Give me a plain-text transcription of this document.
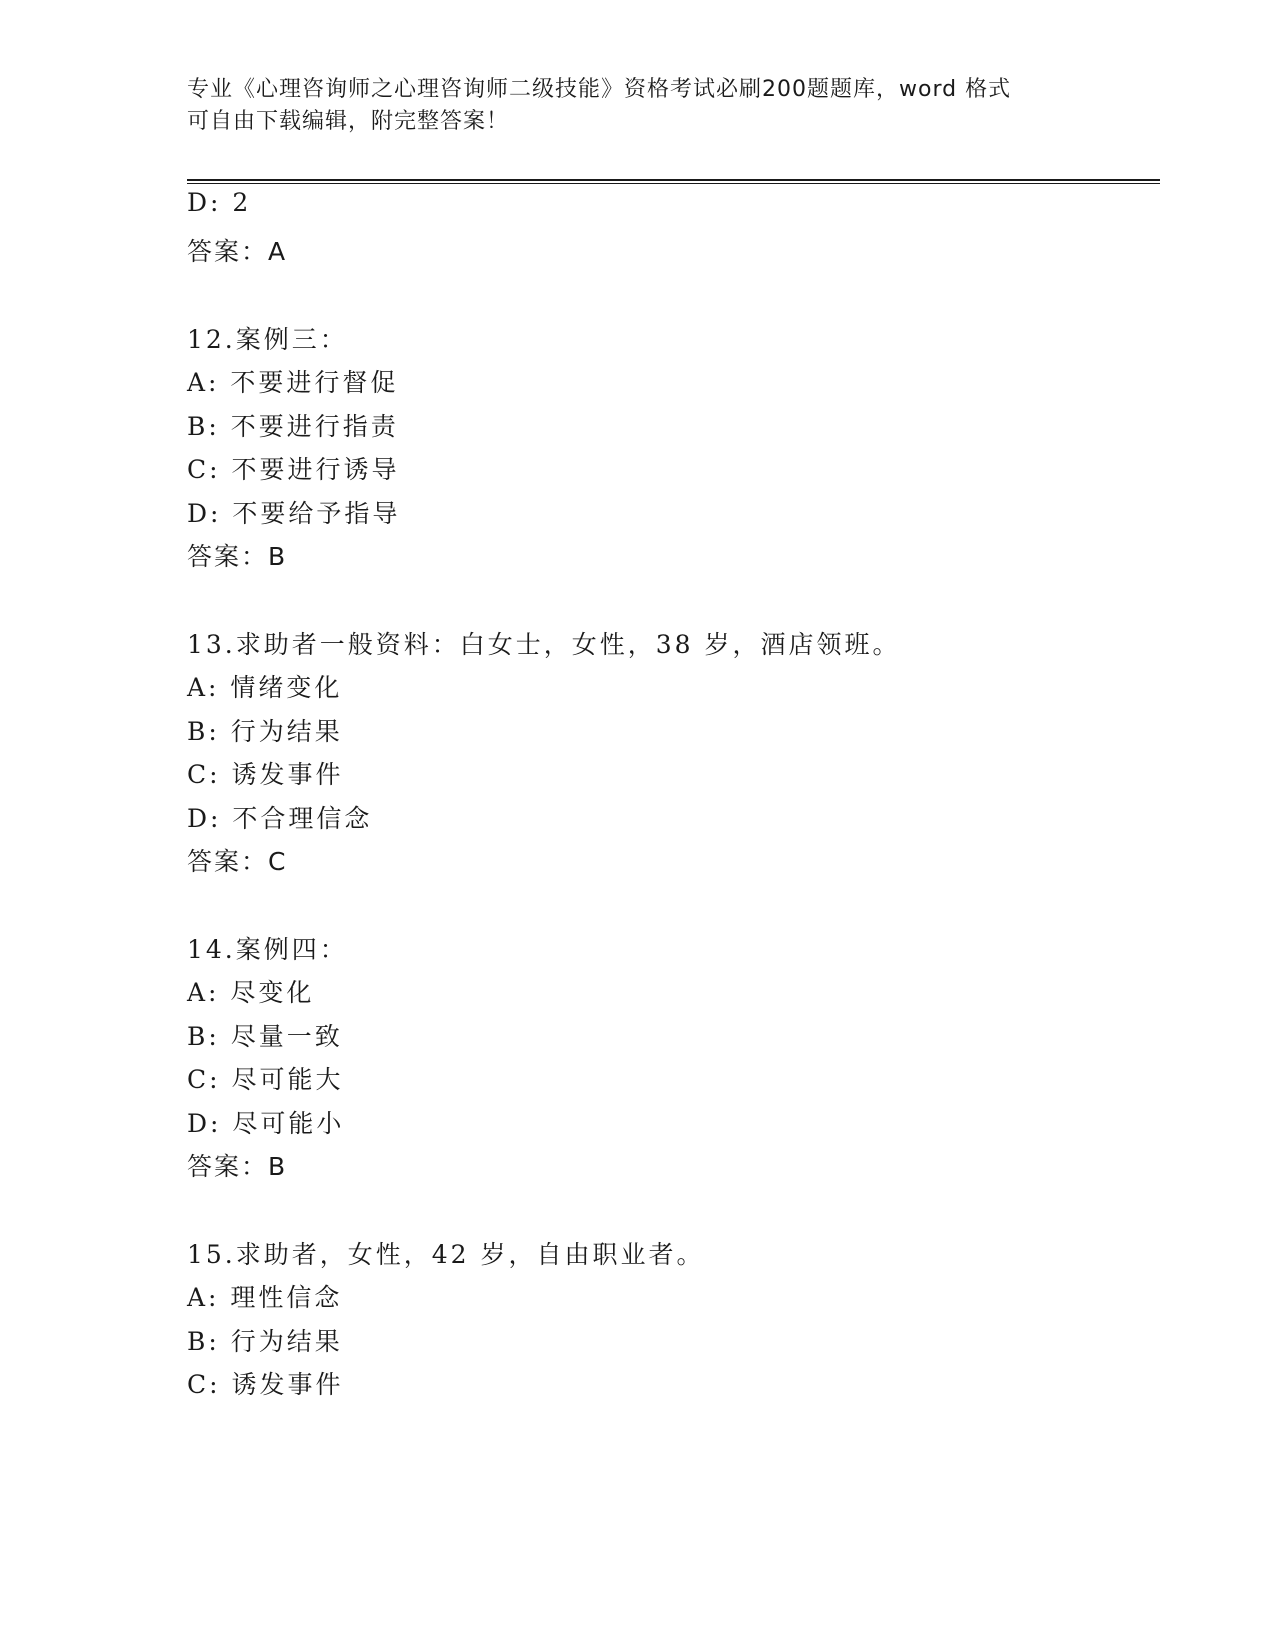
专业《心理咨询师之心理咨询师二级技能》资格考试必刷200题题库，word 格式
可自由下载编辑，附完整答案！
D: 2
答案：A
12.案例三：
A: 不要进行督促
B: 不要进行指责
C: 不要进行诱导
D: 不要给予指导
答案：B
13.求助者一般资料：白女士，女性，38 岁，酒店领班。
A: 情绪变化
B: 行为结果
C: 诱发事件
D: 不合理信念
答案：C
14.案例四：
A: 尽变化
B: 尽量一致
C: 尽可能大
D: 尽可能小
答案：B
15.求助者，女性，42 岁，自由职业者。
A: 理性信念
B: 行为结果
C: 诱发事件
